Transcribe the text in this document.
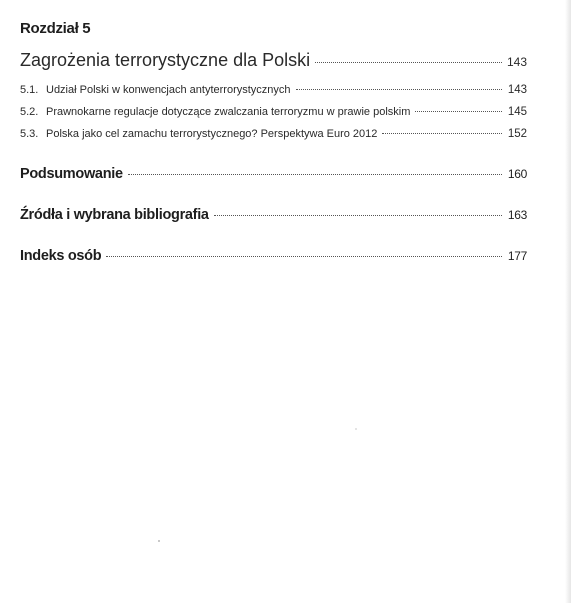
Rozdział 5
Zagrożenia terrorystyczne dla Polski	143
5.1. Udział Polski w konwencjach antyterrorystycznych	143
5.2. Prawnokarne regulacje dotyczące zwalczania terroryzmu w prawie polskim	145
5.3. Polska jako cel zamachu terrorystycznego? Perspektywa Euro 2012	152
Podsumowanie	160
Źródła i wybrana bibliografia	163
Indeks osób	177
